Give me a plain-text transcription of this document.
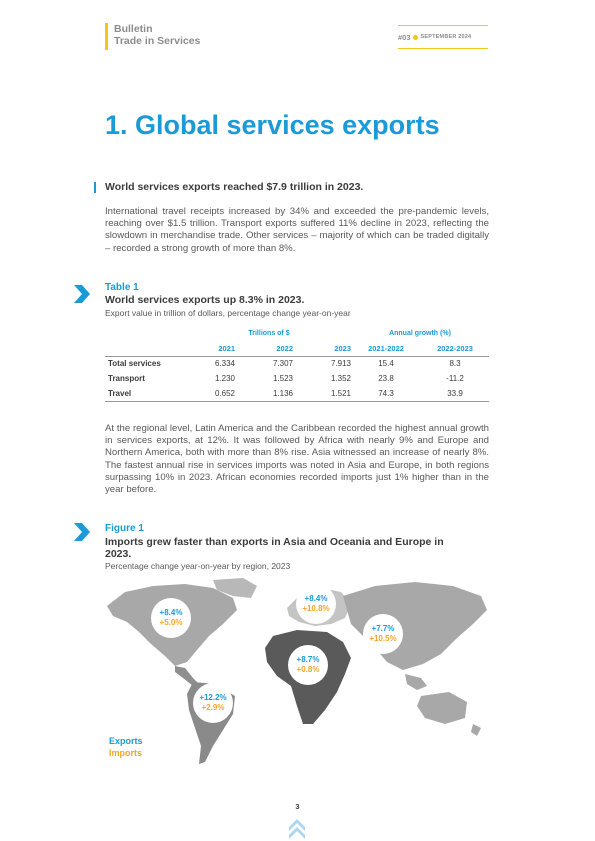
Bulletin
Trade in Services	#03 SEPTEMBER 2024
1. Global services exports
World services exports reached $7.9 trillion in 2023.

International travel receipts increased by 34% and exceeded the pre-pandemic levels, reaching over $1.5 trillion. Transport exports suffered 11% decline in 2023, reflecting the slowdown in merchandise trade. Other services – majority of which can be traded digitally – recorded a strong growth of more than 8%.

Table 1
World services exports up 8.3% in 2023.
Export value in trillion of dollars, percentage change year-on-year
	Trillions of $			Annual growth (%)	
	2021	2022	2023	2021-2022	2022-2023
Total services	6.334	7.307	7.913	15.4	8.3
Transport	1.230	1.523	1.352	23.8	-11.2
Travel	0.652	1.136	1.521	74.3	33.9

At the regional level, Latin America and the Caribbean recorded the highest annual growth in services exports, at 12%. It was followed by Africa with nearly 9% and Europe and Northern America, both with more than 8% rise. Asia witnessed an increase of nearly 8%. The fastest annual rise in services imports was noted in Asia and Europe, in both regions surpassing 10% in 2023. African economies recorded imports just 1% higher than in the year before.

Figure 1
Imports grew faster than exports in Asia and Oceania and Europe in 2023.
Percentage change year-on-year by region, 2023
+8.4%
+5.0%
+8.4%
+10.8%
+7.7%
+10.5%
+8.7%
+0.8%
+12.2%
+2.9%
Exports
Imports
3
